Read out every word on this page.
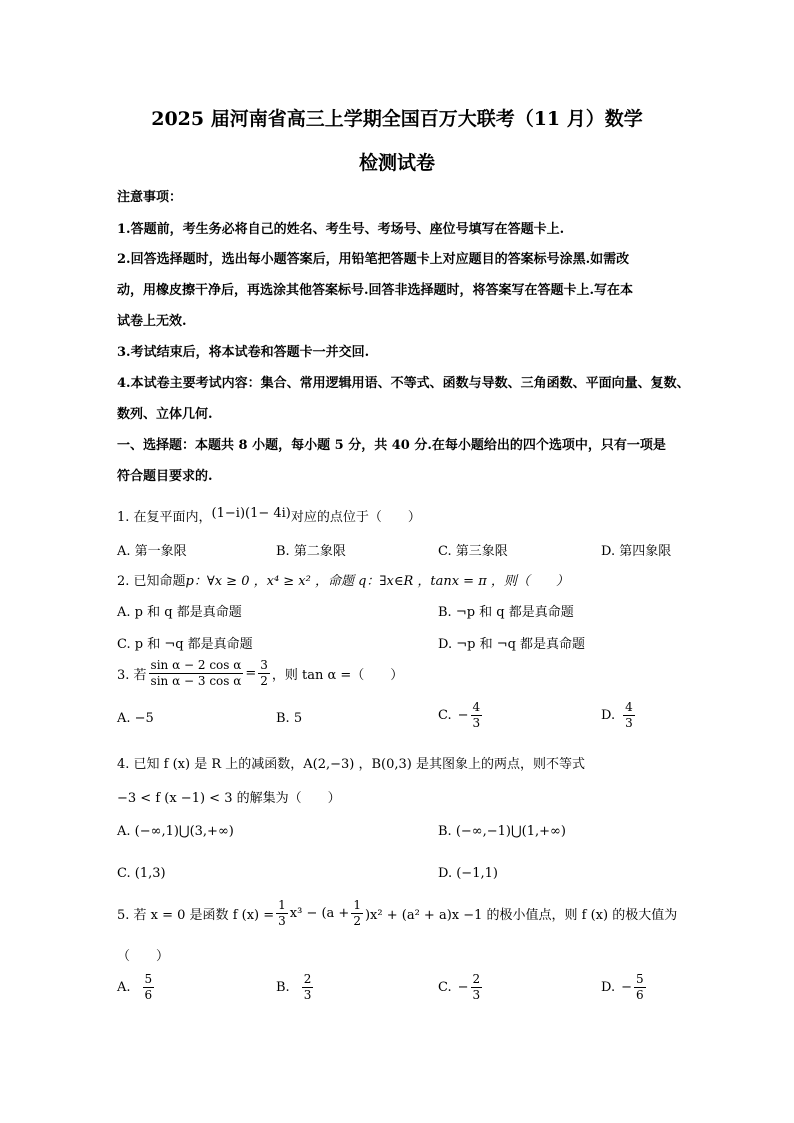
2025 届河南省高三上学期全国百万大联考（11 月）数学
检测试卷
注意事项：
1.答题前，考生务必将自己的姓名、考生号、考场号、座位号填写在答题卡上.
2.回答选择题时，选出每小题答案后，用铅笔把答题卡上对应题目的答案标号涂黑.如需改
动，用橡皮擦干净后，再选涂其他答案标号.回答非选择题时，将答案写在答题卡上.写在本
试卷上无效.
3.考试结束后，将本试卷和答题卡一并交回.
4.本试卷主要考试内容：集合、常用逻辑用语、不等式、函数与导数、三角函数、平面向量、复数、
数列、立体几何.
一、选择题：本题共 8 小题，每小题 5 分，共 40 分.在每小题给出的四个选项中，只有一项是
符合题目要求的.
1. 在复平面内，(1−i)(1− 4i)对应的点位于（　　）
A. 第一象限	B. 第二象限	C. 第三象限	D. 第四象限
2. 已知命题p：∀x ≥ 0 ，x⁴ ≥ x² ，命题 q：∃x∈R ，tanx = π ，则（　　）
A. p 和 q 都是真命题	B. ¬p 和 q 都是真命题
C. p 和 ¬q 都是真命题	D. ¬p 和 ¬q 都是真命题
3. 若 $\frac{\text{sin α − 2 cos α}}{\text{sin α − 3 cos α}} = \frac{3}{2}$ ，则 tan α =（　　）
A. −5	B. 5	C. − $\frac{4}{3}$	D. $\frac{4}{3}$
4. 已知 f (x) 是 R 上的减函数，A(2,−3) ，B(0,3) 是其图象上的两点，则不等式
−3 < f (x −1) < 3 的解集为（　　）
A. (−∞,1)⋃(3,+∞)	B. (−∞,−1)⋃(1,+∞)
C. (1,3)	D. (−1,1)
5. 若 x = 0 是函数 f $(x) = \frac{1}{3} x^3 - (a + \frac{1}{2} )x^2 + (a^2 + a)x -1$ 的极小值点，则 f (x) 的极大值为
（　　）
A. $\frac{5}{6}$	B. $\frac{2}{3}$	C. − $\frac{2}{3}$	D. − $\frac{5}{6}$
